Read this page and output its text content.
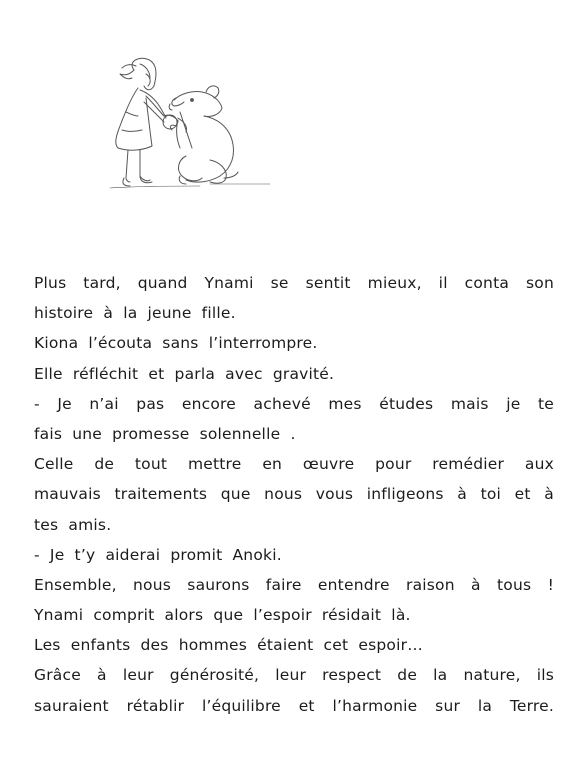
Plus tard, quand Ynami se sentit mieux, il conta son
histoire à la jeune fille.
Kiona l’écouta sans l’interrompre.
Elle réfléchit et parla avec gravité.
- Je n’ai pas encore achevé mes études mais je te
fais une promesse solennelle .
Celle de tout mettre en œuvre pour remédier aux
mauvais traitements que nous vous infligeons à toi et à
tes amis.
- Je t’y aiderai promit Anoki.
Ensemble, nous saurons faire entendre raison à tous !
Ynami comprit alors que l’espoir résidait là.
Les enfants des hommes étaient cet espoir…
Grâce à leur générosité, leur respect de la nature, ils
sauraient rétablir l’équilibre et l’harmonie sur la Terre.
